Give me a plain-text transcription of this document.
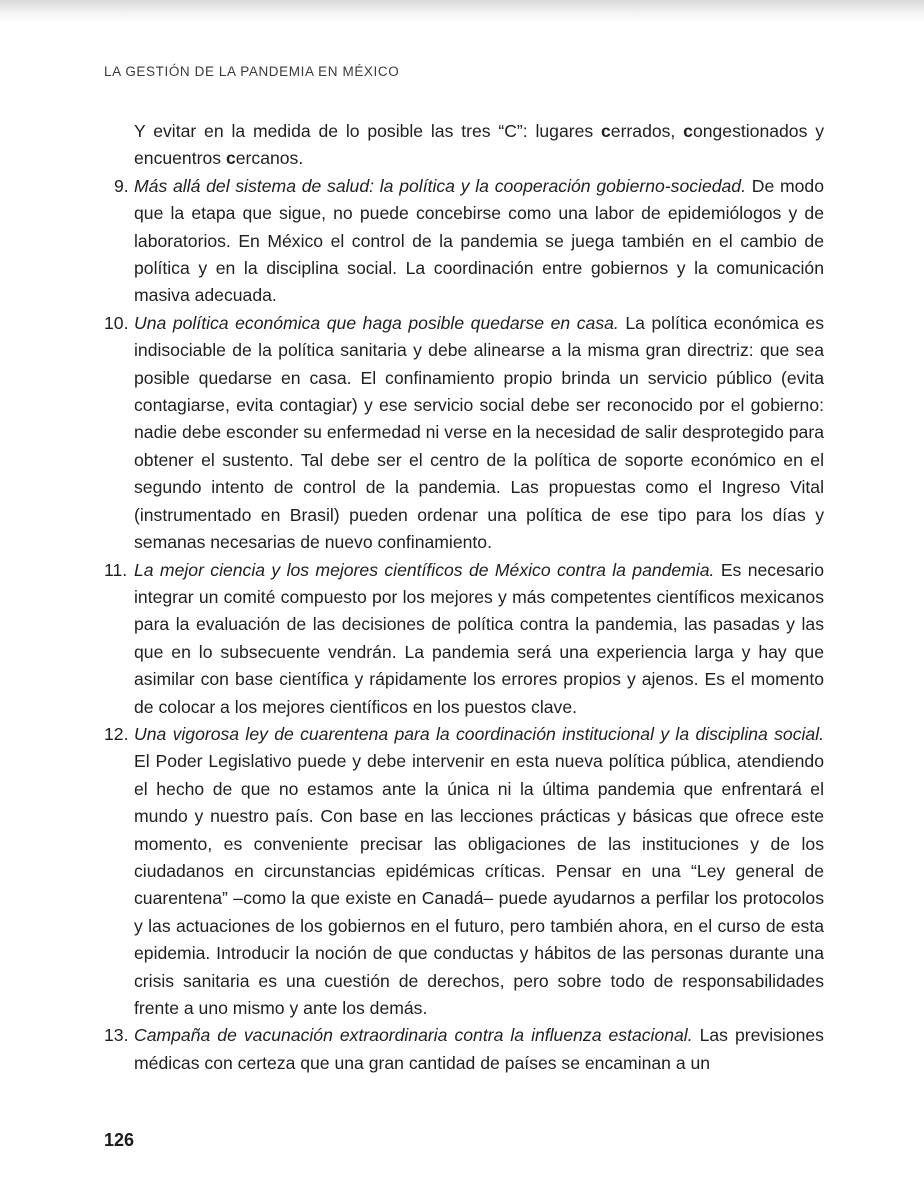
LA GESTIÓN DE LA PANDEMIA EN MÉXICO

Y evitar en la medida de lo posible las tres “C”: lugares cerrados, congestionados y encuentros cercanos.

9. Más allá del sistema de salud: la política y la cooperación gobierno-sociedad. De modo que la etapa que sigue, no puede concebirse como una labor de epidemiólogos y de laboratorios. En México el control de la pandemia se juega también en el cambio de política y en la disciplina social. La coordinación entre gobiernos y la comunicación masiva adecuada.
10. Una política económica que haga posible quedarse en casa. La política económica es indisociable de la política sanitaria y debe alinearse a la misma gran directriz: que sea posible quedarse en casa. El confinamiento propio brinda un servicio público (evita contagiarse, evita contagiar) y ese servicio social debe ser reconocido por el gobierno: nadie debe esconder su enfermedad ni verse en la necesidad de salir desprotegido para obtener el sustento. Tal debe ser el centro de la política de soporte económico en el segundo intento de control de la pandemia. Las propuestas como el Ingreso Vital (instrumentado en Brasil) pueden ordenar una política de ese tipo para los días y semanas necesarias de nuevo confinamiento.
11. La mejor ciencia y los mejores científicos de México contra la pandemia. Es necesario integrar un comité compuesto por los mejores y más competentes científicos mexicanos para la evaluación de las decisiones de política contra la pandemia, las pasadas y las que en lo subsecuente vendrán. La pandemia será una experiencia larga y hay que asimilar con base científica y rápidamente los errores propios y ajenos. Es el momento de colocar a los mejores científicos en los puestos clave.
12. Una vigorosa ley de cuarentena para la coordinación institucional y la disciplina social. El Poder Legislativo puede y debe intervenir en esta nueva política pública, atendiendo el hecho de que no estamos ante la única ni la última pandemia que enfrentará el mundo y nuestro país. Con base en las lecciones prácticas y básicas que ofrece este momento, es conveniente precisar las obligaciones de las instituciones y de los ciudadanos en circunstancias epidémicas críticas. Pensar en una “Ley general de cuarentena” –como la que existe en Canadá– puede ayudarnos a perfilar los protocolos y las actuaciones de los gobiernos en el futuro, pero también ahora, en el curso de esta epidemia. Introducir la noción de que conductas y hábitos de las personas durante una crisis sanitaria es una cuestión de derechos, pero sobre todo de responsabilidades frente a uno mismo y ante los demás.
13. Campaña de vacunación extraordinaria contra la influenza estacional. Las previsiones médicas con certeza que una gran cantidad de países se encaminan a un
126
